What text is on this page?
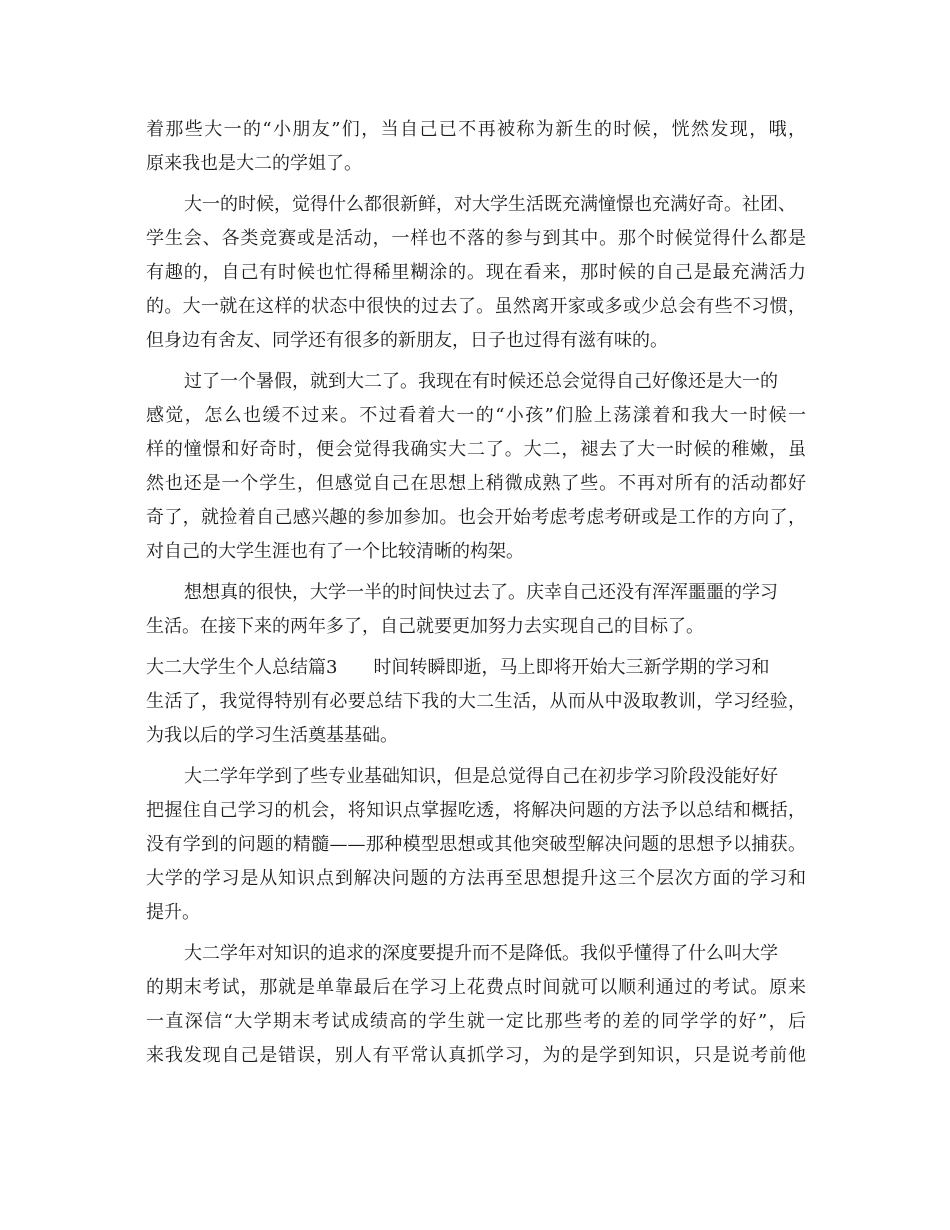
着那些大一的“小朋友”们，当自己已不再被称为新生的时候，恍然发现，哦，
原来我也是大二的学姐了。
大一的时候，觉得什么都很新鲜，对大学生活既充满憧憬也充满好奇。社团、
学生会、各类竞赛或是活动，一样也不落的参与到其中。那个时候觉得什么都是
有趣的，自己有时候也忙得稀里糊涂的。现在看来，那时候的自己是最充满活力
的。大一就在这样的状态中很快的过去了。虽然离开家或多或少总会有些不习惯，
但身边有舍友、同学还有很多的新朋友，日子也过得有滋有味的。
过了一个暑假，就到大二了。我现在有时候还总会觉得自己好像还是大一的
感觉，怎么也缓不过来。不过看着大一的“小孩”们脸上荡漾着和我大一时候一
样的憧憬和好奇时，便会觉得我确实大二了。大二，褪去了大一时候的稚嫩，虽
然也还是一个学生，但感觉自己在思想上稍微成熟了些。不再对所有的活动都好
奇了，就捡着自己感兴趣的参加参加。也会开始考虑考虑考研或是工作的方向了，
对自己的大学生涯也有了一个比较清晰的构架。
想想真的很快，大学一半的时间快过去了。庆幸自己还没有浑浑噩噩的学习
生活。在接下来的两年多了，自己就要更加努力去实现自己的目标了。
大二大学生个人总结篇3　　时间转瞬即逝，马上即将开始大三新学期的学习和
生活了，我觉得特别有必要总结下我的大二生活，从而从中汲取教训，学习经验，
为我以后的学习生活奠基基础。
大二学年学到了些专业基础知识，但是总觉得自己在初步学习阶段没能好好
把握住自己学习的机会，将知识点掌握吃透，将解决问题的方法予以总结和概括，
没有学到的问题的精髓——那种模型思想或其他突破型解决问题的思想予以捕获。
大学的学习是从知识点到解决问题的方法再至思想提升这三个层次方面的学习和
提升。
大二学年对知识的追求的深度要提升而不是降低。我似乎懂得了什么叫大学
的期末考试，那就是单靠最后在学习上花费点时间就可以顺利通过的考试。原来
一直深信“大学期末考试成绩高的学生就一定比那些考的差的同学学的好”，后
来我发现自己是错误，别人有平常认真抓学习，为的是学到知识，只是说考前他
